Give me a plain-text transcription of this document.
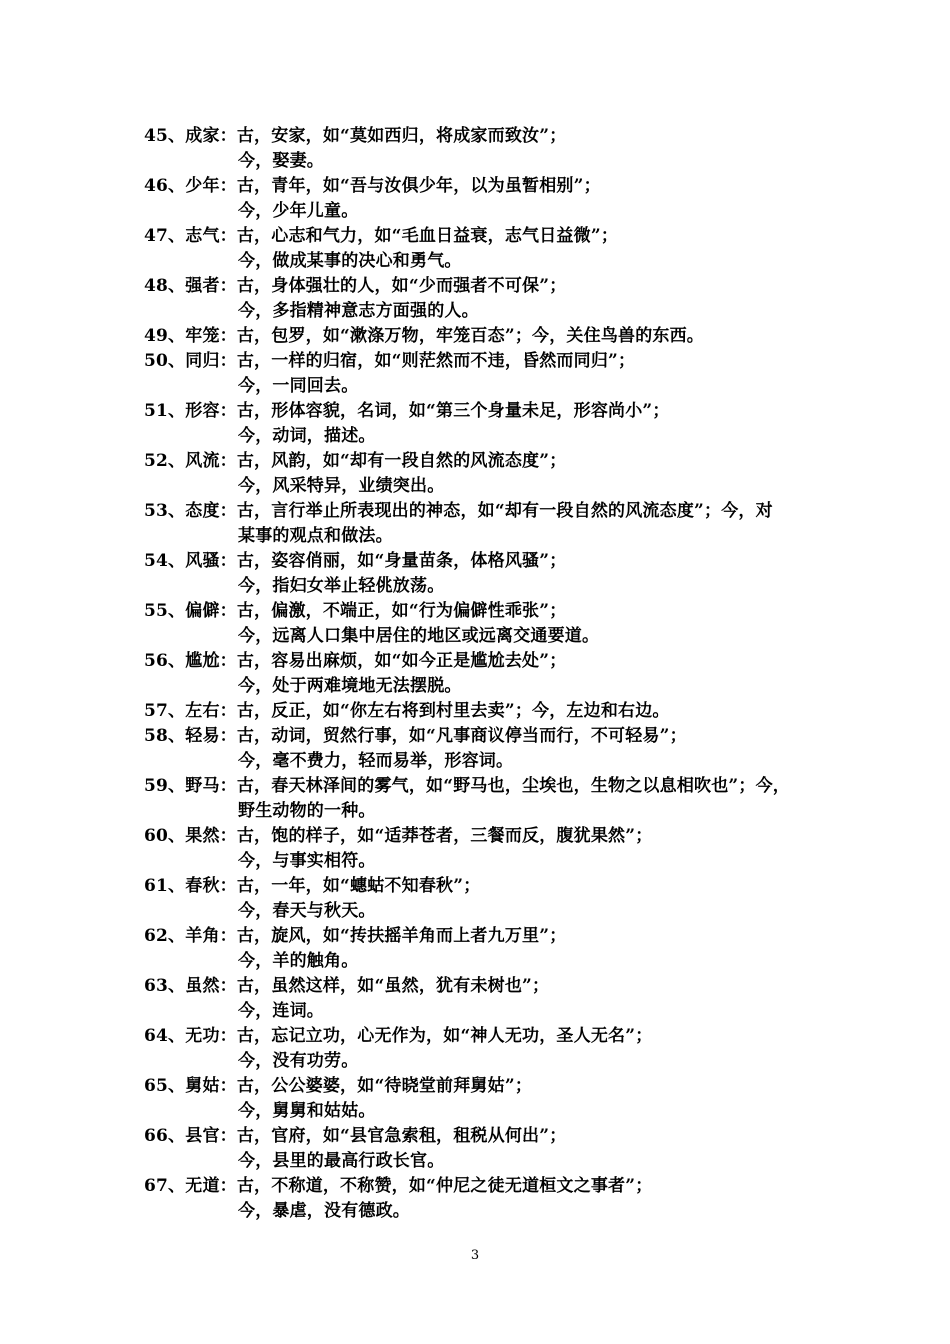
45、成家：古，安家，如“莫如西归，将成家而致汝”；
今，娶妻。
46、少年：古，青年，如“吾与汝俱少年，以为虽暂相别”；
今，少年儿童。
47、志气：古，心志和气力，如“毛血日益衰，志气日益微”；
今，做成某事的决心和勇气。
48、强者：古，身体强壮的人，如“少而强者不可保”；
今，多指精神意志方面强的人。
49、牢笼：古，包罗，如“漱涤万物，牢笼百态”；今，关住鸟兽的东西。
50、同归：古，一样的归宿，如“则茫然而不违，昏然而同归”；
今，一同回去。
51、形容：古，形体容貌，名词，如“第三个身量未足，形容尚小”；
今，动词，描述。
52、风流：古，风韵，如“却有一段自然的风流态度”；
今，风采特异，业绩突出。
53、态度：古，言行举止所表现出的神态，如“却有一段自然的风流态度”；今，对
某事的观点和做法。
54、风骚：古，姿容俏丽，如“身量苗条，体格风骚”；
今，指妇女举止轻佻放荡。
55、偏僻：古，偏激，不端正，如“行为偏僻性乖张”；
今，远离人口集中居住的地区或远离交通要道。
56、尴尬：古，容易出麻烦，如“如今正是尴尬去处”；
今，处于两难境地无法摆脱。
57、左右：古，反正，如“你左右将到村里去卖”；今，左边和右边。
58、轻易：古，动词，贸然行事，如“凡事商议停当而行，不可轻易”；
今，毫不费力，轻而易举，形容词。
59、野马：古，春天林泽间的雾气，如“野马也，尘埃也，生物之以息相吹也”；今，
野生动物的一种。
60、果然：古，饱的样子，如“适莽苍者，三餐而反，腹犹果然”；
今，与事实相符。
61、春秋：古，一年，如“蟪蛄不知春秋”；
今，春天与秋天。
62、羊角：古，旋风，如“抟扶摇羊角而上者九万里”；
今，羊的触角。
63、虽然：古，虽然这样，如“虽然，犹有未树也”；
今，连词。
64、无功：古，忘记立功，心无作为，如“神人无功，圣人无名”；
今，没有功劳。
65、舅姑：古，公公婆婆，如“待晓堂前拜舅姑”；
今，舅舅和姑姑。
66、县官：古，官府，如“县官急索租，租税从何出”；
今，县里的最高行政长官。
67、无道：古，不称道，不称赞，如“仲尼之徒无道桓文之事者”；
今，暴虐，没有德政。
3
